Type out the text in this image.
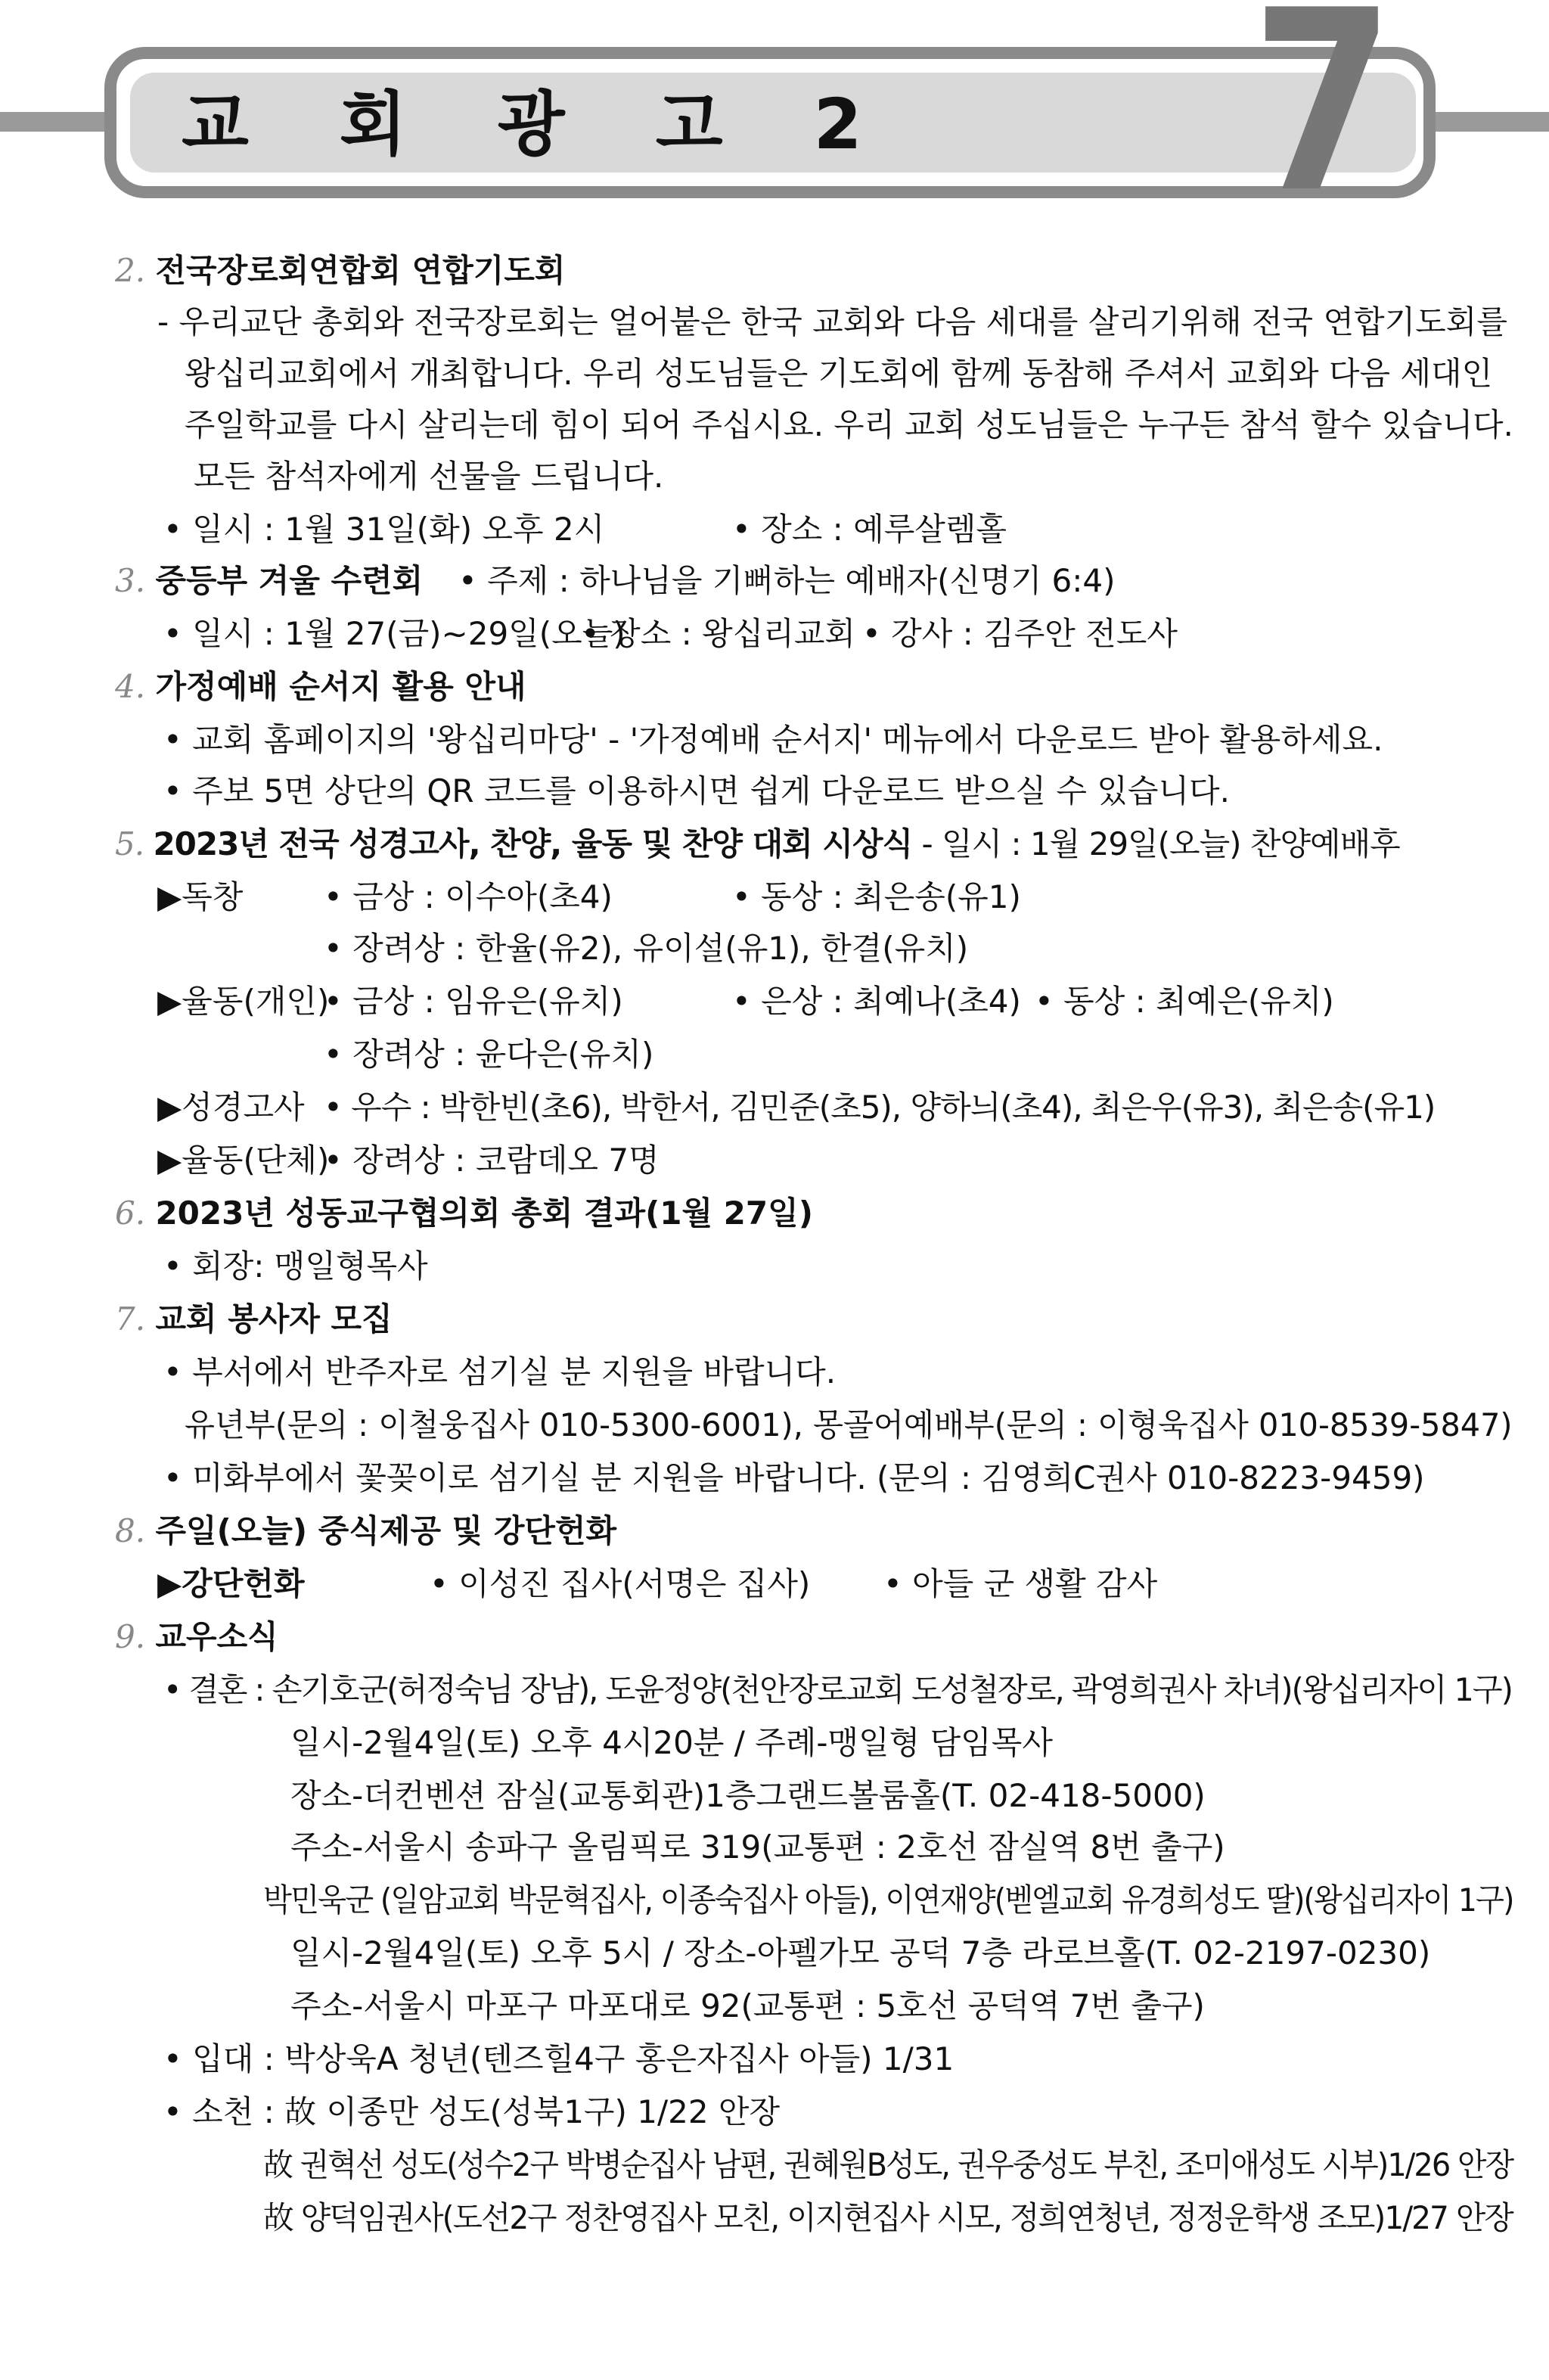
교 회 광 고 2 7
2. 전국장로회연합회 연합기도회
- 우리교단 총회와 전국장로회는 얼어붙은 한국 교회와 다음 세대를 살리기위해 전국 연합기도회를
왕십리교회에서 개최합니다. 우리 성도님들은 기도회에 함께 동참해 주셔서 교회와 다음 세대인
주일학교를 다시 살리는데 힘이 되어 주십시요. 우리 교회 성도님들은 누구든 참석 할수 있습니다.
모든 참석자에게 선물을 드립니다.
• 일시 : 1월 31일(화) 오후 2시	• 장소 : 예루살렘홀
3. 중등부 겨울 수련회 • 주제 : 하나님을 기뻐하는 예배자(신명기 6:4)
• 일시 : 1월 27(금)~29일(오늘)
• 장소 : 왕십리교회 • 강사 : 김주안 전도사
4. 가정예배 순서지 활용 안내
• 교회 홈페이지의 '왕십리마당' - '가정예배 순서지' 메뉴에서 다운로드 받아 활용하세요.
• 주보 5면 상단의 QR 코드를 이용하시면 쉽게 다운로드 받으실 수 있습니다.
5. 2023년 전국 성경고사, 찬양, 율동 및 찬양 대회 시상식 - 일시 : 1월 29일(오늘) 찬양예배후
▶독창	• 금상 : 이수아(초4)	• 동상 : 최은송(유1)
• 장려상 : 한율(유2), 유이설(유1), 한결(유치)
▶율동(개인)
• 금상 : 임유은(유치)	• 은상 : 최예나(초4) • 동상 : 최예은(유치)
• 장려상 : 윤다은(유치)
▶성경고사 • 우수 : 박한빈(초6), 박한서, 김민준(초5), 양하늬(초4), 최은우(유3), 최은송(유1)
▶율동(단체)
• 장려상 : 코람데오 7명
6. 2023년 성동교구협의회 총회 결과(1월 27일)
• 회장: 맹일형목사
7. 교회 봉사자 모집
• 부서에서 반주자로 섬기실 분 지원을 바랍니다.
유년부(문의 : 이철웅집사 010-5300-6001), 몽골어예배부(문의 : 이형욱집사 010-8539-5847)
• 미화부에서 꽃꽂이로 섬기실 분 지원을 바랍니다. (문의 : 김영희C권사 010-8223-9459)
8. 주일(오늘) 중식제공 및 강단헌화
▶강단헌화	• 이성진 집사(서명은 집사) • 아들 군 생활 감사
9. 교우소식
• 결혼 : 손기호군(허정숙님 장남), 도윤정양(천안장로교회 도성철장로, 곽영희권사 차녀)(왕십리자이 1구)
일시-2월4일(토) 오후 4시20분 / 주례-맹일형 담임목사
장소-더컨벤션 잠실(교통회관)1층그랜드볼룸홀(T. 02-418-5000)
주소-서울시 송파구 올림픽로 319(교통편 : 2호선 잠실역 8번 출구)
박민욱군 (일암교회 박문혁집사, 이종숙집사 아들), 이연재양(벧엘교회 유경희성도 딸)(왕십리자이 1구)
일시-2월4일(토) 오후 5시 / 장소-아펠가모 공덕 7층 라로브홀(T. 02-2197-0230)
주소-서울시 마포구 마포대로 92(교통편 : 5호선 공덕역 7번 출구)
• 입대 : 박상욱A 청년(텐즈힐4구 홍은자집사 아들) 1/31
• 소천 : 故 이종만 성도(성북1구) 1/22 안장
故 권혁선 성도(성수2구 박병순집사 남편, 권혜원B성도, 권우중성도 부친, 조미애성도 시부)1/26 안장
故 양덕임권사(도선2구 정찬영집사 모친, 이지현집사 시모, 정희연청년, 정정운학생 조모)1/27 안장
